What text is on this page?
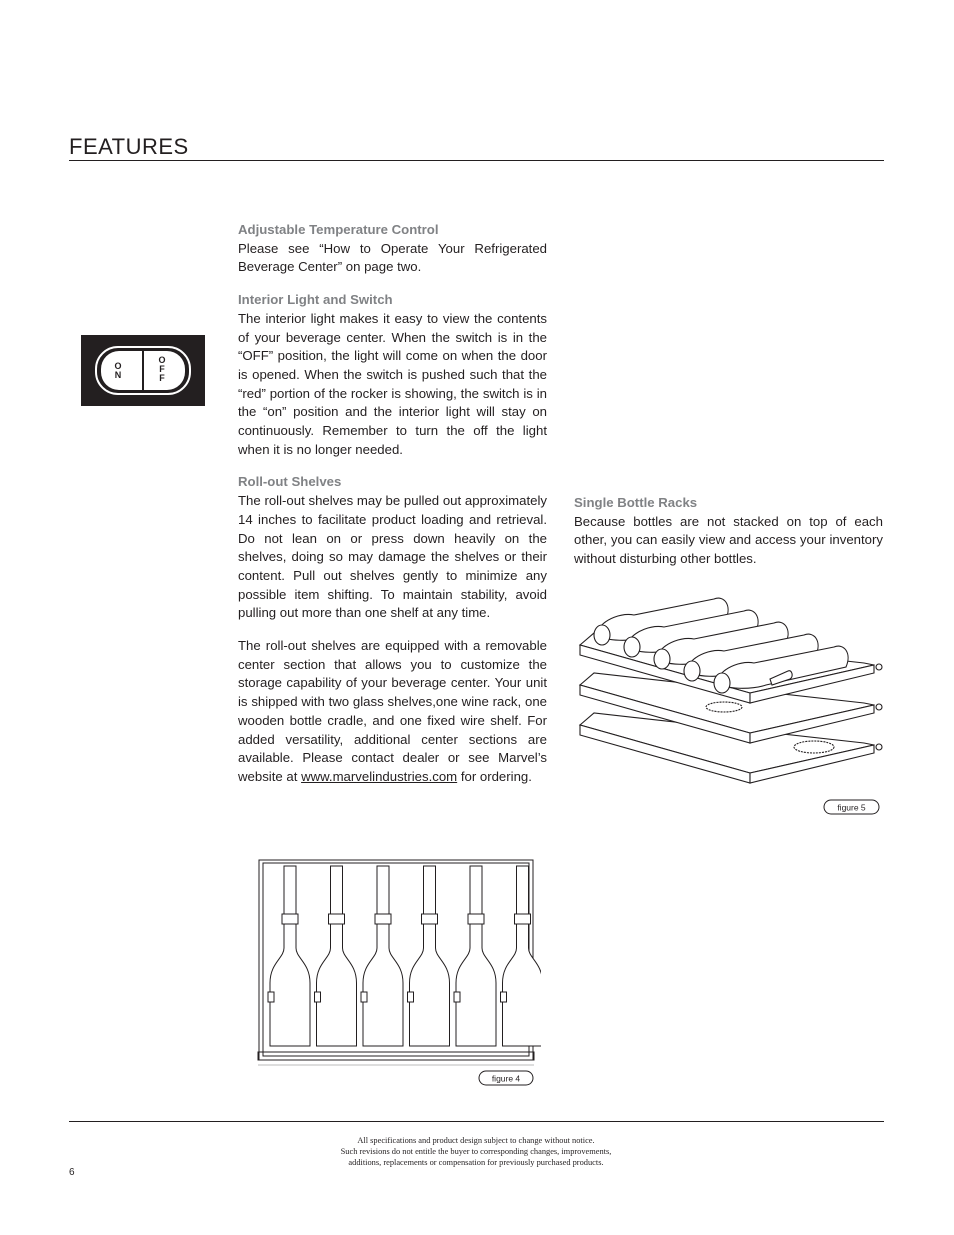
FEATURES
O
N
O
F
F

Adjustable Temperature Control

Please see “How to Operate Your Refrigerated Beverage Center” on page two.

Interior Light and Switch

The interior light makes it easy to view the contents of your beverage center. When the switch is in the “OFF” position, the light will come on when the door is opened. When the switch is pushed such that the “red” portion of the rocker is showing, the switch is in the “on” position and the interior light will stay on continuously. Remember to turn the off the light when it is no longer needed.

Roll-out Shelves

The roll-out shelves may be pulled out approximately 14 inches to facilitate product loading and retrieval. Do not lean on or press down heavily on the shelves, doing so may damage the shelves or their content. Pull out shelves gently to minimize any possible item shifting. To maintain stability, avoid pulling out more than one shelf at any time.

The roll-out shelves are equipped with a removable center section that allows you to customize the storage capability of your beverage center. Your unit is shipped with two glass shelves,one wine rack, one wooden bottle cradle, and one fixed wire shelf. For added versatility, additional center sections are available. Please contact dealer or see Marvel’s website at www.marvelindustries.com for ordering.

Single Bottle Racks

Because bottles are not stacked on top of each other, you can easily view and access your inventory without disturbing other bottles.

figure 4
figure 5
All specifications and product design subject to change without notice.
Such revisions do not entitle the buyer to corresponding changes, improvements,
additions, replacements or compensation for previously purchased products.
6
